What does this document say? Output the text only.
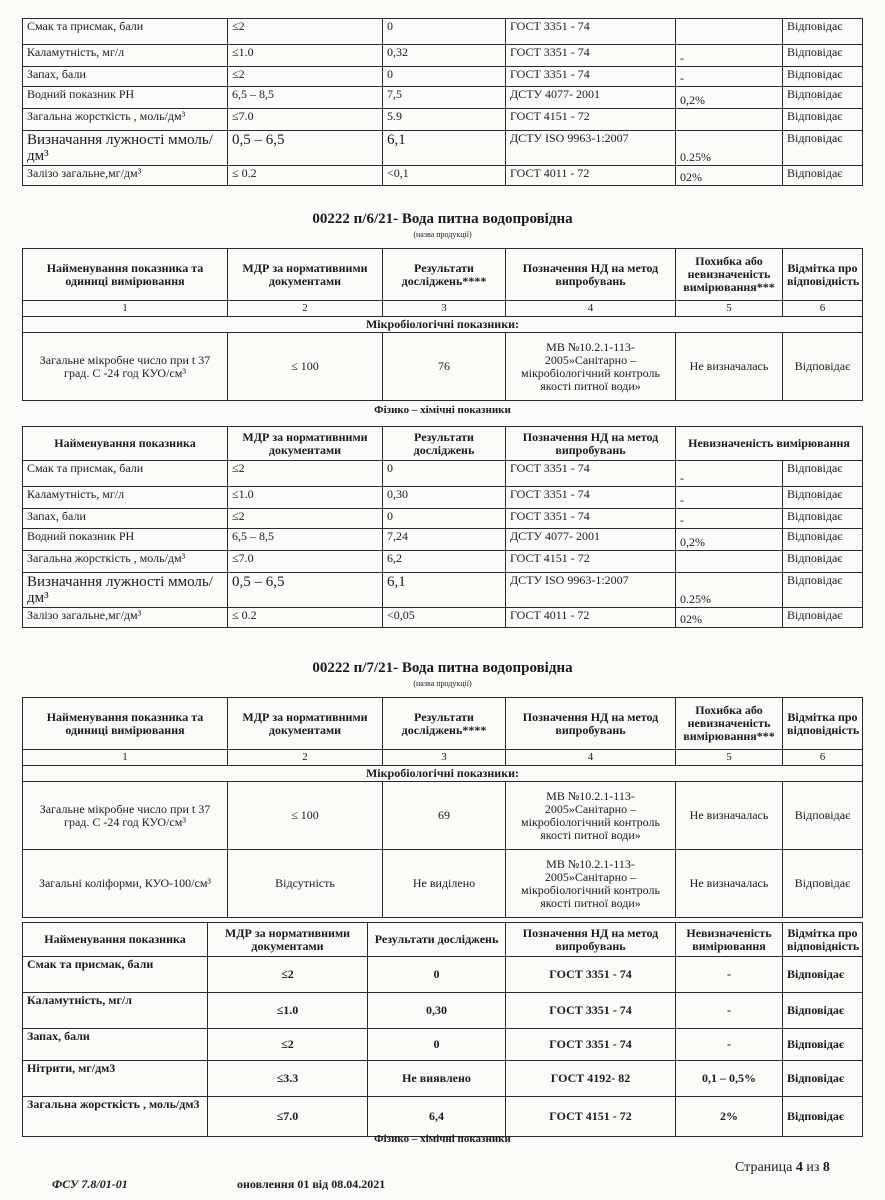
Смак та присмак, бали	≤2	0	ГОСТ 3351 - 74		Відповідає
Каламутність, мг/л	≤1.0	0,32	ГОСТ 3351 - 74	-	Відповідає
Запах, бали	≤2	0	ГОСТ 3351 - 74	-	Відповідає
Водний показник РН	6,5 – 8,5	7,5	ДСТУ 4077- 2001	0,2%	Відповідає
Загальна жорсткість , моль/дм³	≤7.0	5.9	ГОСТ 4151 - 72		Відповідає
Визначання лужності ммоль/дм³	0,5 – 6,5	6,1	ДСТУ ISO 9963-1:2007	0.25%	Відповідає
Залізо загальне,мг/дм³	≤ 0.2	<0,1	ГОСТ 4011 - 72	02%	Відповідає
00222 п/6/21- Вода питна водопровідна
(назва продукції)
Найменування показника та одиниці вимірювання	МДР за нормативними документами	Результати досліджень****	Позначення НД на метод випробувань	Похибка або невизначеність вимірювання***	Відмітка про відповідність
1	2	3	4	5	6
Мікробіологічні показники:					
Загальне мікробне число при t 37 град. С -24 год КУО/см³	≤ 100	76	МВ №10.2.1-113-2005»Санітарно – мікробіологічний контроль якості питної води»	Не визначалась	Відповідає
Фізико – хімічні показники
Найменування показника	МДР за нормативними документами	Результати досліджень	Позначення НД на метод випробувань	Невизначеність вимірювання	
Смак та присмак, бали	≤2	0	ГОСТ 3351 - 74	-	Відповідає
Каламутність, мг/л	≤1.0	0,30	ГОСТ 3351 - 74	-	Відповідає
Запах, бали	≤2	0	ГОСТ 3351 - 74	-	Відповідає
Водний показник РН	6,5 – 8,5	7,24	ДСТУ 4077- 2001	0,2%	Відповідає
Загальна жорсткість , моль/дм³	≤7.0	6,2	ГОСТ 4151 - 72		Відповідає
Визначання лужності ммоль/дм³	0,5 – 6,5	6,1	ДСТУ ISO 9963-1:2007	0.25%	Відповідає
Залізо загальне,мг/дм³	≤ 0.2	<0,05	ГОСТ 4011 - 72	02%	Відповідає
00222 п/7/21- Вода питна водопровідна
(назва продукції)
Найменування показника та одиниці вимірювання	МДР за нормативними документами	Результати досліджень****	Позначення НД на метод випробувань	Похибка або невизначеність вимірювання***	Відмітка про відповідність
1	2	3	4	5	6
Мікробіологічні показники:					
Загальне мікробне число при t 37 град. С -24 год КУО/см³	≤ 100	69	МВ №10.2.1-113-2005»Санітарно – мікробіологічний контроль якості питної води»	Не визначалась	Відповідає
Загальні коліформи, КУО-100/см³	Відсутність	Не виділено	МВ №10.2.1-113-2005»Санітарно – мікробіологічний контроль якості питної води»	Не визначалась	Відповідає
Найменування показника	МДР за нормативними документами	Результати досліджень	Позначення НД на метод випробувань	Невизначеність вимірювання	Відмітка про відповідність
Смак та присмак, бали	≤2	0	ГОСТ 3351 - 74	-	Відповідає
Каламутність, мг/л	≤1.0	0,30	ГОСТ 3351 - 74	-	Відповідає
Запах, бали	≤2	0	ГОСТ 3351 - 74	-	Відповідає
Нітрити, мг/дм3	≤3.3	Не виявлено	ГОСТ 4192- 82	0,1 – 0,5%	Відповідає
Загальна жорсткість , моль/дм3	≤7.0	6,4	ГОСТ 4151 - 72	2%	Відповідає
Фізико – хімічні показники
ФСУ 7.8/01-01	оновлення 01 від 08.04.2021
Страница 4 из 8
